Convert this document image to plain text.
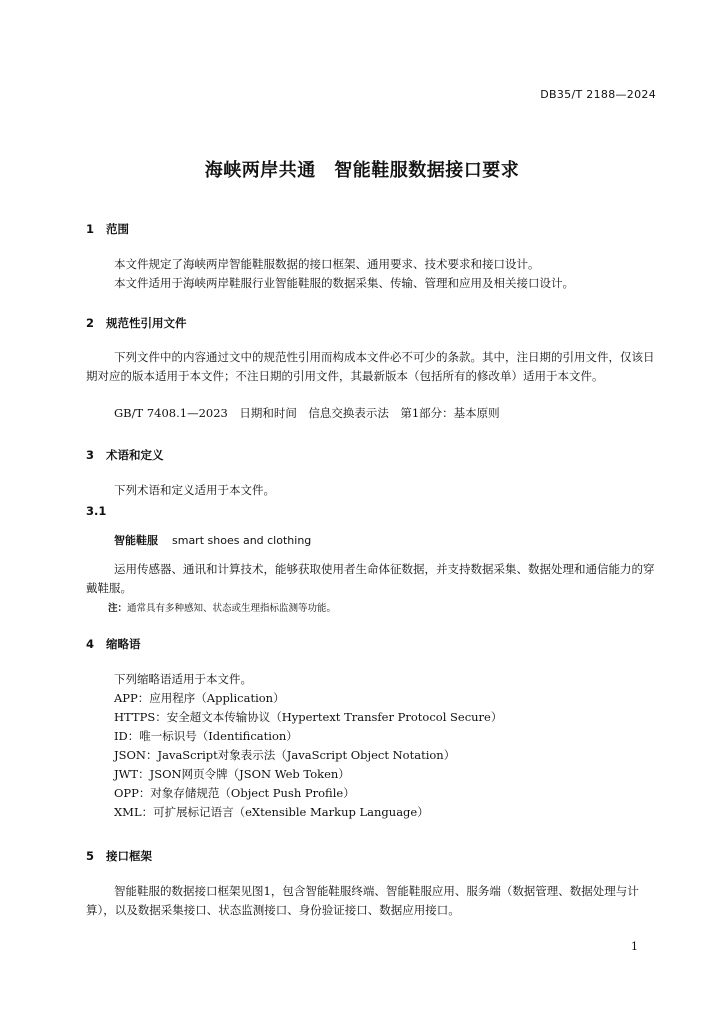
DB35/T 2188—2024
海峡两岸共通　智能鞋服数据接口要求
1 范围
本文件规定了海峡两岸智能鞋服数据的接口框架、通用要求、技术要求和接口设计。
本文件适用于海峡两岸鞋服行业智能鞋服的数据采集、传输、管理和应用及相关接口设计。
2 规范性引用文件
下列文件中的内容通过文中的规范性引用而构成本文件必不可少的条款。其中，注日期的引用文件，仅该日期对应的版本适用于本文件；不注日期的引用文件，其最新版本（包括所有的修改单）适用于本文件。
GB/T 7408.1—2023　日期和时间　信息交换表示法　第1部分：基本原则
3 术语和定义
下列术语和定义适用于本文件。
3.1
智能鞋服 smart shoes and clothing
运用传感器、通讯和计算技术，能够获取使用者生命体征数据，并支持数据采集、数据处理和通信能力的穿戴鞋服。
注：通常具有多种感知、状态或生理指标监测等功能。
4 缩略语
下列缩略语适用于本文件。
APP：应用程序（Application）
HTTPS：安全超文本传输协议（Hypertext Transfer Protocol Secure）
ID：唯一标识号（Identification）
JSON：JavaScript对象表示法（JavaScript Object Notation）
JWT：JSON网页令牌（JSON Web Token）
OPP：对象存储规范（Object Push Profile）
XML：可扩展标记语言（eXtensible Markup Language）
5 接口框架
智能鞋服的数据接口框架见图1，包含智能鞋服终端、智能鞋服应用、服务端（数据管理、数据处理与计算），以及数据采集接口、状态监测接口、身份验证接口、数据应用接口。
1
